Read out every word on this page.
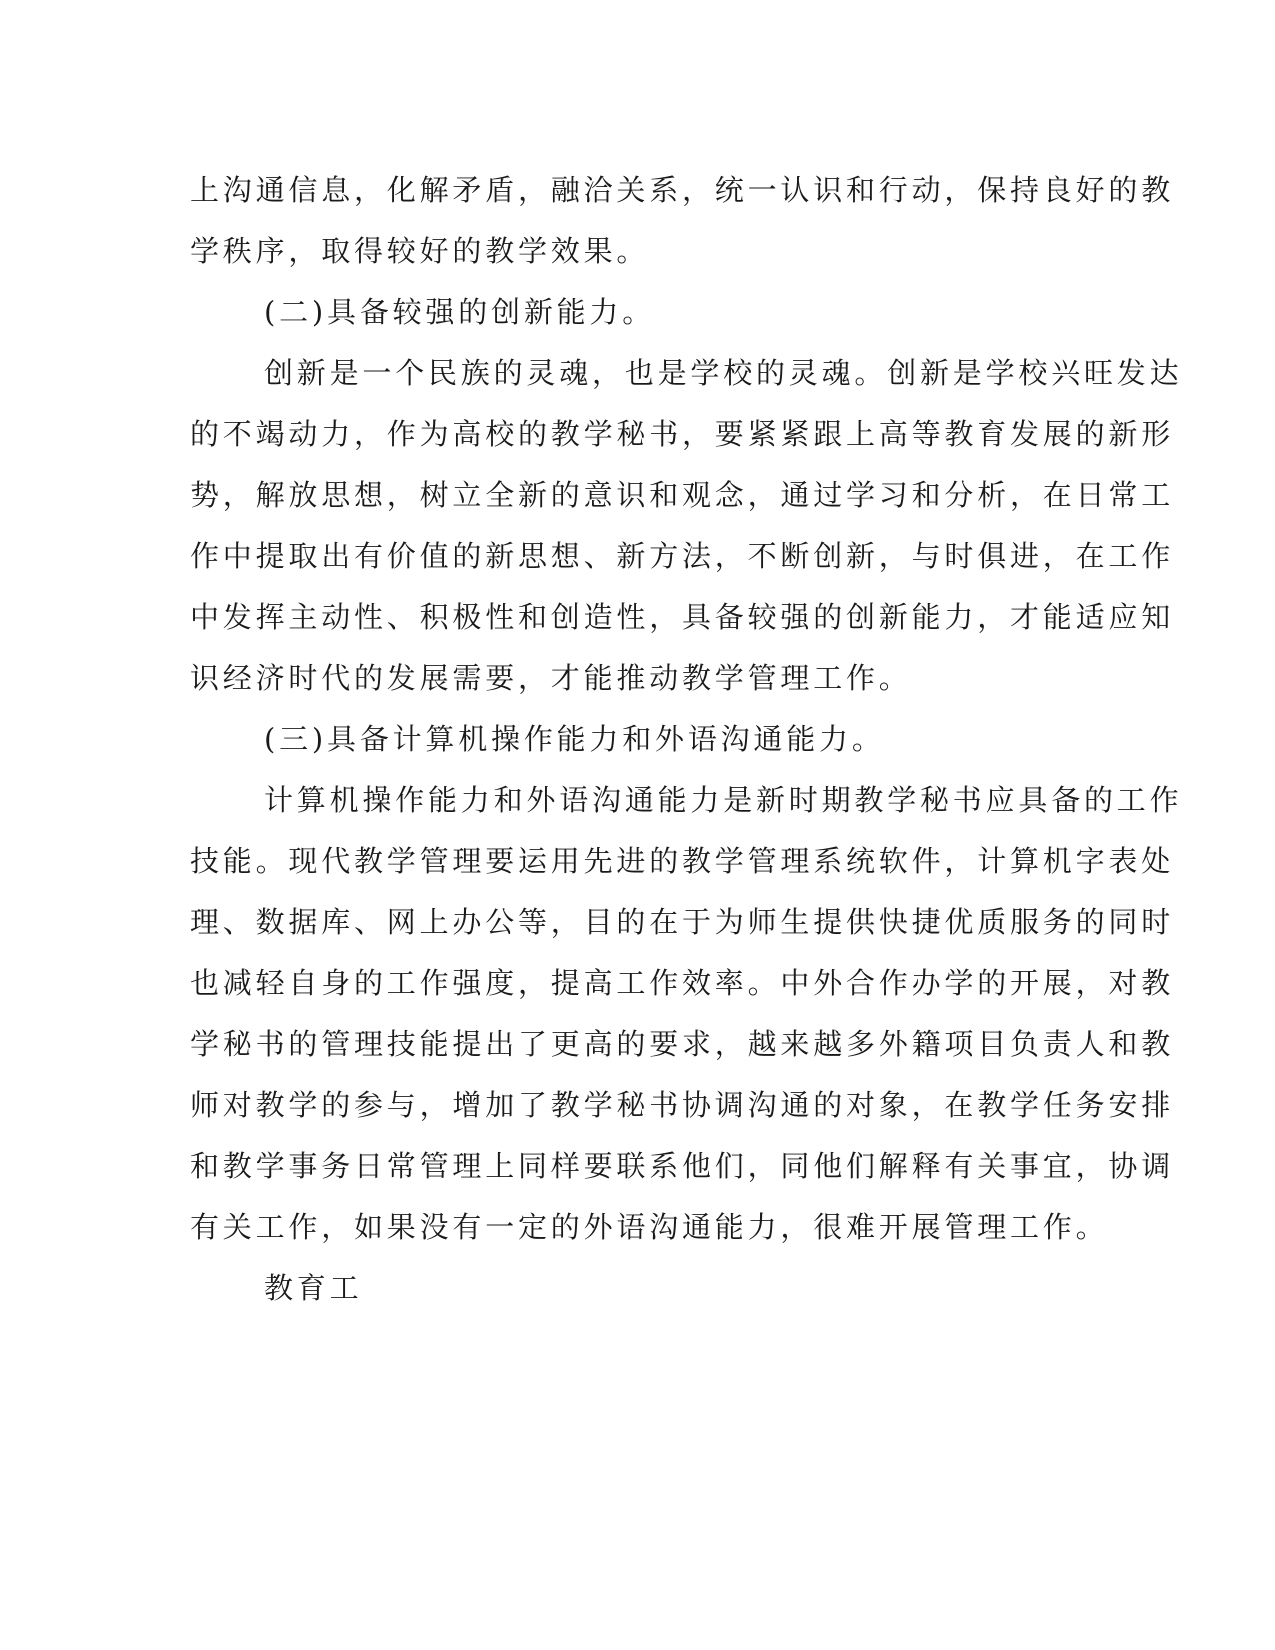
上沟通信息，化解矛盾，融洽关系，统一认识和行动，保持良好的教
学秩序，取得较好的教学效果。
(二)具备较强的创新能力。
创新是一个民族的灵魂，也是学校的灵魂。创新是学校兴旺发达
的不竭动力，作为高校的教学秘书，要紧紧跟上高等教育发展的新形
势，解放思想，树立全新的意识和观念，通过学习和分析，在日常工
作中提取出有价值的新思想、新方法，不断创新，与时俱进，在工作
中发挥主动性、积极性和创造性，具备较强的创新能力，才能适应知
识经济时代的发展需要，才能推动教学管理工作。
(三)具备计算机操作能力和外语沟通能力。
计算机操作能力和外语沟通能力是新时期教学秘书应具备的工作
技能。现代教学管理要运用先进的教学管理系统软件，计算机字表处
理、数据库、网上办公等，目的在于为师生提供快捷优质服务的同时
也减轻自身的工作强度，提高工作效率。中外合作办学的开展，对教
学秘书的管理技能提出了更高的要求，越来越多外籍项目负责人和教
师对教学的参与，增加了教学秘书协调沟通的对象，在教学任务安排
和教学事务日常管理上同样要联系他们，同他们解释有关事宜，协调
有关工作，如果没有一定的外语沟通能力，很难开展管理工作。
教育工
